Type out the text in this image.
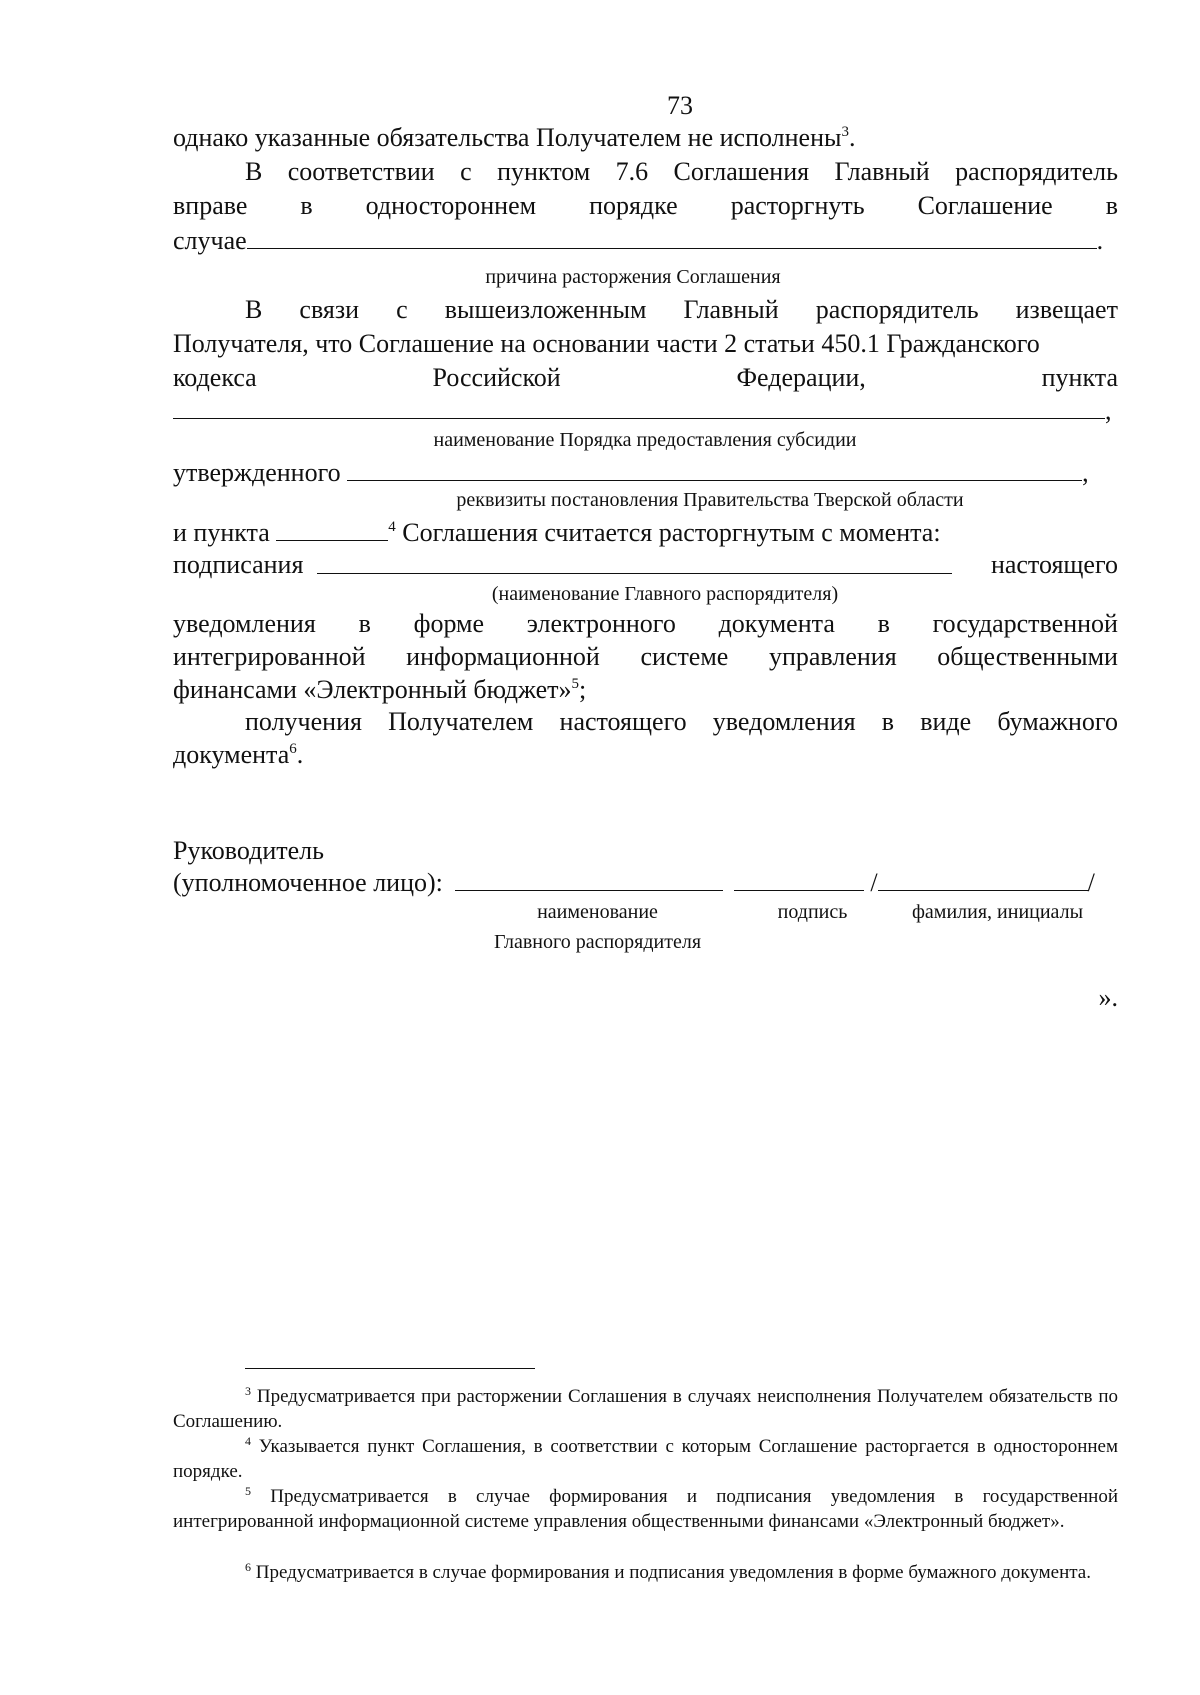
73
однако указанные обязательства Получателем не исполнены$^3$.
В соответствии с пунктом 7.6 Соглашения Главный распорядитель
вправе в одностороннем порядке расторгнуть Соглашение в
случае	.
причина расторжения Соглашения
В связи с вышеизложенным Главный распорядитель извещает
Получателя, что Соглашение на основании части 2 статьи 450.1 Гражданского
кодекса	Российской	Федерации,	пункта
,
наименование Порядка предоставления субсидии
утвержденного	,
реквизиты постановления Правительства Тверской области
и пункта	$^4$ Соглашения считается расторгнутым с момента:
подписания	настоящего
(наименование Главного распорядителя)
уведомления в форме электронного документа в государственной
интегрированной информационной системе управления общественными
финансами «Электронный бюджет»$^5$;
получения Получателем настоящего уведомления в виде бумажного
документа$^6$.
Руководитель
(уполномоченное лицо):	/	/
наименование
Главного распорядителя
подпись	фамилия, инициалы
».
$^3$ Предусматривается при расторжении Соглашения в случаях неисполнения Получателем обязательств по Соглашению.
$^4$ Указывается пункт Соглашения, в соответствии с которым Соглашение расторгается в одностороннем порядке.
$^5$ Предусматривается в случае формирования и подписания уведомления в государственной интегрированной информационной системе управления общественными финансами «Электронный бюджет».
$^6$ Предусматривается в случае формирования и подписания уведомления в форме бумажного документа.
